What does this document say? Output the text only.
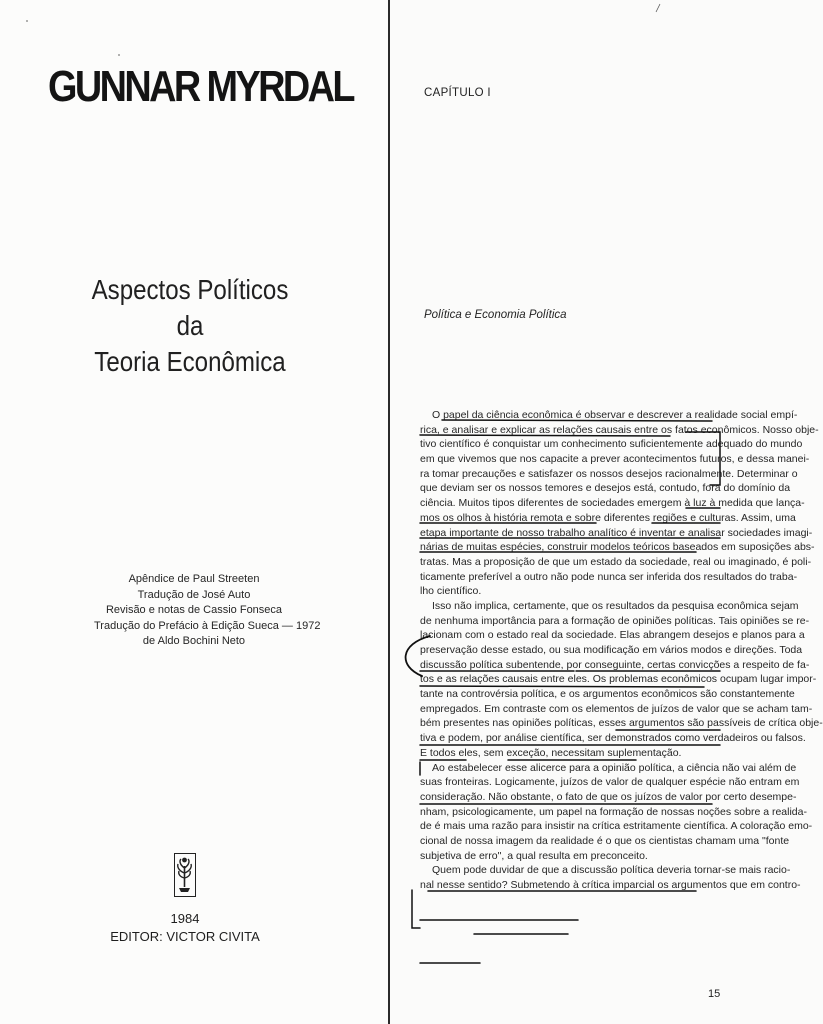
GUNNAR MYRDAL
Aspectos Políticos da
Teoria Econômica
Apêndice de Paul Streeten
Tradução de José Auto
Revisão e notas de Cassio Fonseca
Tradução do Prefácio à Edição Sueca — 1972
de Aldo Bochini Neto
1984
EDITOR: VICTOR CIVITA
CAPÍTULO I
Política e Economia Política
O papel da ciência econômica é observar e descrever a realidade social empí-
rica, e analisar e explicar as relações causais entre os fatos econômicos. Nosso obje-
tivo científico é conquistar um conhecimento suficientemente adequado do mundo
em que vivemos que nos capacite a prever acontecimentos futuros, e dessa manei-
ra tomar precauções e satisfazer os nossos desejos racionalmente. Determinar o
que deviam ser os nossos temores e desejos está, contudo, fora do domínio da
ciência. Muitos tipos diferentes de sociedades emergem à luz à medida que lança-
mos os olhos à história remota e sobre diferentes regiões e culturas. Assim, uma
etapa importante de nosso trabalho analítico é inventar e analisar sociedades imagi-
nárias de muitas espécies, construir modelos teóricos baseados em suposições abs-
tratas. Mas a proposição de que um estado da sociedade, real ou imaginado, é poli-
ticamente preferível a outro não pode nunca ser inferida dos resultados do traba-
lho científico.
Isso não implica, certamente, que os resultados da pesquisa econômica sejam
de nenhuma importância para a formação de opiniões políticas. Tais opiniões se re-
lacionam com o estado real da sociedade. Elas abrangem desejos e planos para a
preservação desse estado, ou sua modificação em vários modos e direções. Toda
discussão política subentende, por conseguinte, certas convicções a respeito de fa-
tos e as relações causais entre eles. Os problemas econômicos ocupam lugar impor-
tante na controvérsia política, e os argumentos econômicos são constantemente
empregados. Em contraste com os elementos de juízos de valor que se acham tam-
bém presentes nas opiniões políticas, esses argumentos são passíveis de crítica obje-
tiva e podem, por análise científica, ser demonstrados como verdadeiros ou falsos.
E todos eles, sem exceção, necessitam suplementação.
Ao estabelecer esse alicerce para a opinião política, a ciência não vai além de
suas fronteiras. Logicamente, juízos de valor de qualquer espécie não entram em
consideração. Não obstante, o fato de que os juízos de valor por certo desempe-
nham, psicologicamente, um papel na formação de nossas noções sobre a realida-
de é mais uma razão para insistir na crítica estritamente científica. A coloração emo-
cional de nossa imagem da realidade é o que os cientistas chamam uma "fonte
subjetiva de erro", a qual resulta em preconceito.
Quem pode duvidar de que a discussão política deveria tornar-se mais racio-
nal nesse sentido? Submetendo à crítica imparcial os argumentos que em contro-
15
